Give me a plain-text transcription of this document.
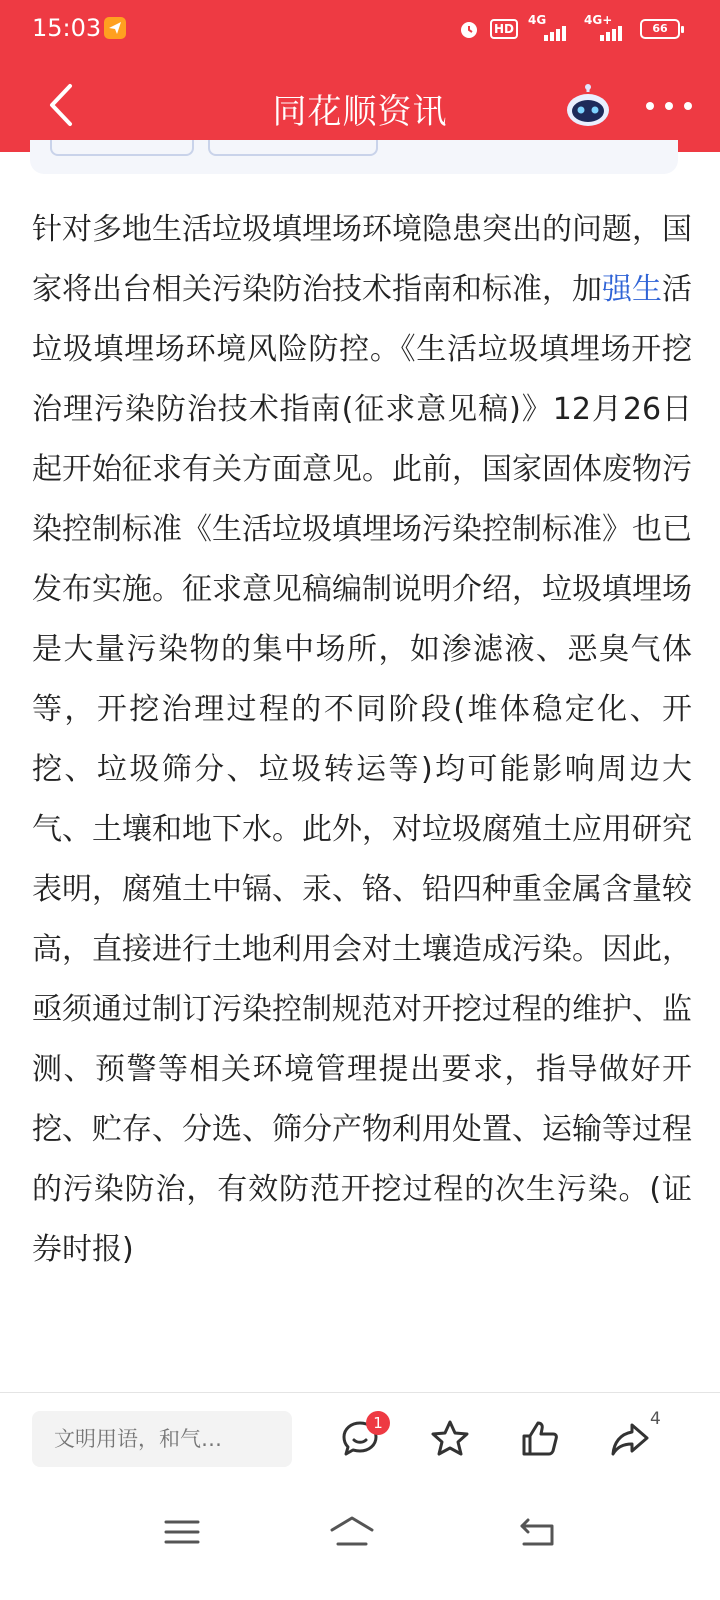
15:03	HD
4G	4G+
66
同花顺资讯

针对多地生活垃圾填埋场环境隐患突出的问题，国家将出台相关污染防治技术指南和标准，加强生活垃圾填埋场环境风险防控。《生活垃圾填埋场开挖治理污染防治技术指南(征求意见稿)》12月26日起开始征求有关方面意见。此前，国家固体废物污染控制标准《生活垃圾填埋场污染控制标准》也已发布实施。征求意见稿编制说明介绍，垃圾填埋场是大量污染物的集中场所，如渗滤液、恶臭气体等，开挖治理过程的不同阶段(堆体稳定化、开挖、垃圾筛分、垃圾转运等)均可能影响周边大气、土壤和地下水。此外，对垃圾腐殖土应用研究表明，腐殖土中镉、汞、铬、铅四种重金属含量较高，直接进行土地利用会对土壤造成污染。因此，亟须通过制订污染控制规范对开挖过程的维护、监测、预警等相关环境管理提出要求，指导做好开挖、贮存、分选、筛分产物利用处置、运输等过程的污染防治，有效防范开挖过程的次生污染。(证券时报)

文明用语，和气…
1	4
